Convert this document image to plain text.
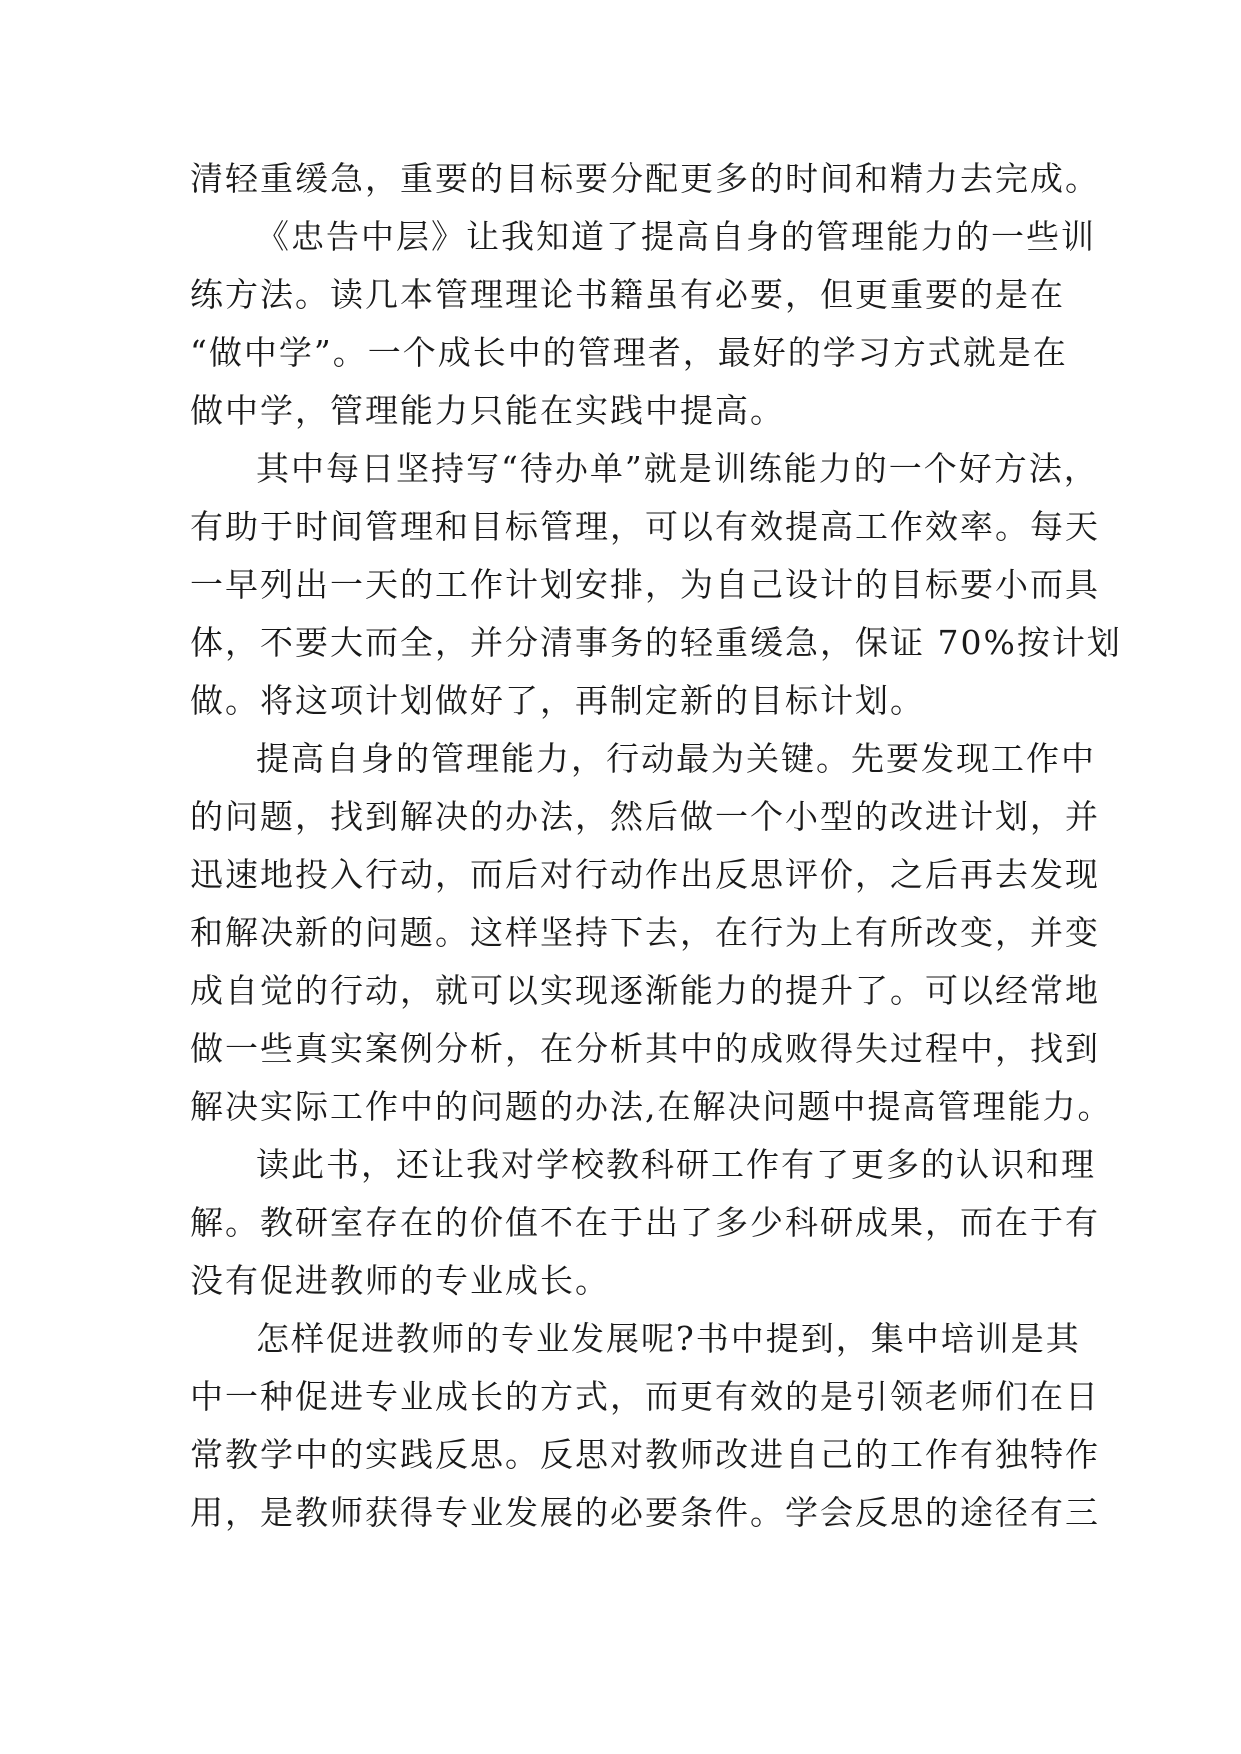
清轻重缓急，重要的目标要分配更多的时间和精力去完成。
《忠告中层》让我知道了提高自身的管理能力的一些训
练方法。读几本管理理论书籍虽有必要，但更重要的是在
“做中学”。一个成长中的管理者，最好的学习方式就是在
做中学，管理能力只能在实践中提高。
其中每日坚持写“待办单”就是训练能力的一个好方法，
有助于时间管理和目标管理，可以有效提高工作效率。每天
一早列出一天的工作计划安排，为自己设计的目标要小而具
体，不要大而全，并分清事务的轻重缓急，保证 70%按计划
做。将这项计划做好了，再制定新的目标计划。
提高自身的管理能力，行动最为关键。先要发现工作中
的问题，找到解决的办法，然后做一个小型的改进计划，并
迅速地投入行动，而后对行动作出反思评价，之后再去发现
和解决新的问题。这样坚持下去，在行为上有所改变，并变
成自觉的行动，就可以实现逐渐能力的提升了。可以经常地
做一些真实案例分析，在分析其中的成败得失过程中，找到
解决实际工作中的问题的办法,在解决问题中提高管理能力。
读此书，还让我对学校教科研工作有了更多的认识和理
解。教研室存在的价值不在于出了多少科研成果，而在于有
没有促进教师的专业成长。
怎样促进教师的专业发展呢?书中提到，集中培训是其
中一种促进专业成长的方式，而更有效的是引领老师们在日
常教学中的实践反思。反思对教师改进自己的工作有独特作
用，是教师获得专业发展的必要条件。学会反思的途径有三
